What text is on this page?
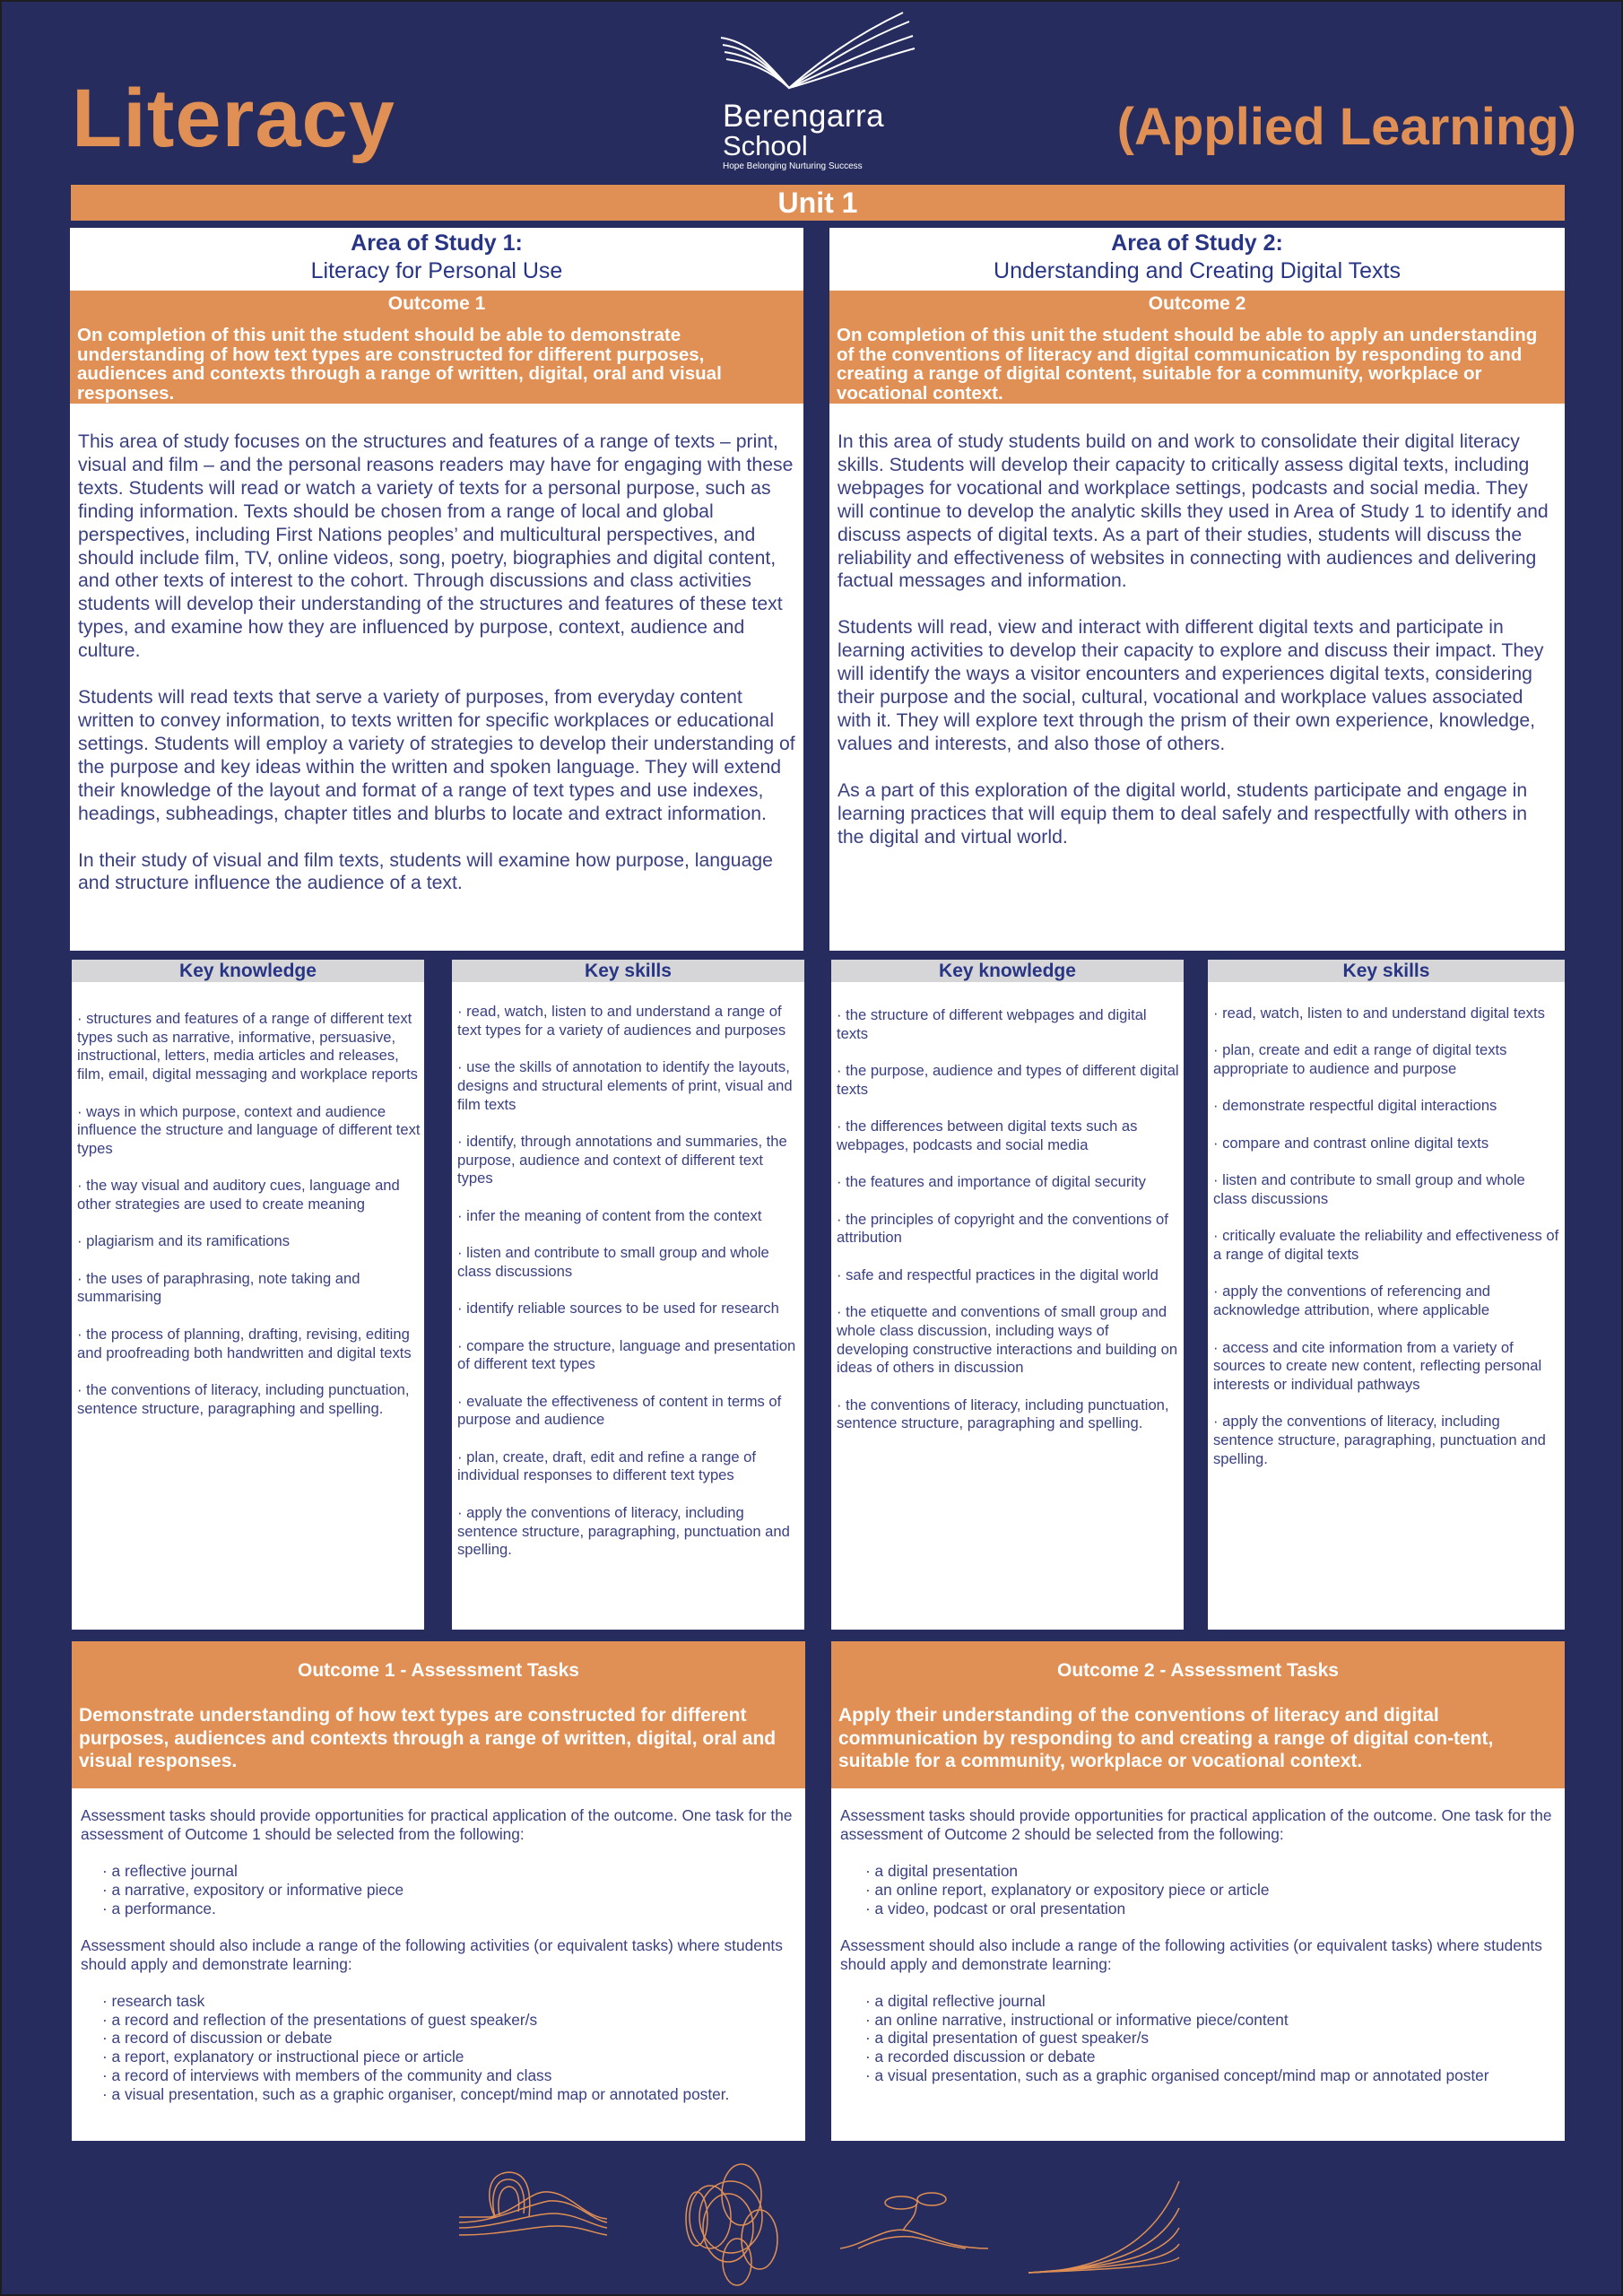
Literacy	(Applied Learning)
Berengarra
School
Hope Belonging Nurturing Success
Unit 1
Area of Study 1:
Literacy for Personal Use
Outcome 1
On completion of this unit the student should be able to demonstrate understanding of how text types are constructed for different purposes, audiences and contexts through a range of written, digital, oral and visual responses.

This area of study focuses on the structures and features of a range of texts – print, visual and film – and the personal reasons readers may have for engaging with these texts. Students will read or watch a variety of texts for a personal purpose, such as finding information. Texts should be chosen from a range of local and global perspectives, including First Nations peoples’ and multicultural perspectives, and should include film, TV, online videos, song, poetry, biographies and digital content, and other texts of interest to the cohort. Through discussions and class activities students will develop their understanding of the structures and features of these text types, and examine how they are influenced by purpose, context, audience and culture.

Students will read texts that serve a variety of purposes, from everyday content written to convey information, to texts written for specific workplaces or educational settings. Students will employ a variety of strategies to develop their understanding of the purpose and key ideas within the written and spoken language. They will extend their knowledge of the layout and format of a range of text types and use indexes, headings, subheadings, chapter titles and blurbs to locate and extract information.

In their study of visual and film texts, students will examine how purpose, language and structure influence the audience of a text.

Area of Study 2:
Understanding and Creating Digital Texts
Outcome 2
On completion of this unit the student should be able to apply an understanding of the conventions of literacy and digital communication by responding to and creating a range of digital content, suitable for a community, workplace or vocational context.

In this area of study students build on and work to consolidate their digital literacy skills. Students will develop their capacity to critically assess digital texts, including webpages for vocational and workplace settings, podcasts and social media. They will continue to develop the analytic skills they used in Area of Study 1 to identify and discuss aspects of digital texts. As a part of their studies, students will discuss the reliability and effectiveness of websites in connecting with audiences and delivering factual messages and information.

Students will read, view and interact with different digital texts and participate in learning activities to develop their capacity to explore and discuss their impact. They will identify the ways a visitor encounters and experiences digital texts, considering their purpose and the social, cultural, vocational and workplace values associated with it. They will explore text through the prism of their own experience, knowledge, values and interests, and also those of others.

As a part of this exploration of the digital world, students participate and engage in learning practices that will equip them to deal safely and respectfully with others in the digital and virtual world.

Key knowledge
· structures and features of a range of different text types such as narrative, informative, persuasive, instructional, letters, media articles and releases, film, email, digital messaging and workplace reports
· ways in which purpose, context and audience influence the structure and language of different text types
· the way visual and auditory cues, language and other strategies are used to create meaning
· plagiarism and its ramifications
· the uses of paraphrasing, note taking and summarising
· the process of planning, drafting, revising, editing and proofreading both handwritten and digital texts
· the conventions of literacy, including punctuation, sentence structure, paragraphing and spelling.
Key skills
· read, watch, listen to and understand a range of text types for a variety of audiences and purposes
· use the skills of annotation to identify the layouts, designs and structural elements of print, visual and film texts
· identify, through annotations and summaries, the purpose, audience and context of different text types
· infer the meaning of content from the context
· listen and contribute to small group and whole class discussions
· identify reliable sources to be used for research
· compare the structure, language and presentation of different text types
· evaluate the effectiveness of content in terms of purpose and audience
· plan, create, draft, edit and refine a range of individual responses to different text types
· apply the conventions of literacy, including sentence structure, paragraphing, punctuation and spelling.
Key knowledge
· the structure of different webpages and digital texts
· the purpose, audience and types of different digital texts
· the differences between digital texts such as webpages, podcasts and social media
· the features and importance of digital security
· the principles of copyright and the conventions of attribution
· safe and respectful practices in the digital world
· the etiquette and conventions of small group and whole class discussion, including ways of developing constructive interactions and building on ideas of others in discussion
· the conventions of literacy, including punctuation, sentence structure, paragraphing and spelling.
Key skills
· read, watch, listen to and understand digital texts
· plan, create and edit a range of digital texts appropriate to audience and purpose
· demonstrate respectful digital interactions
· compare and contrast online digital texts
· listen and contribute to small group and whole class discussions
· critically evaluate the reliability and effectiveness of a range of digital texts
· apply the conventions of referencing and acknowledge attribution, where applicable
· access and cite information from a variety of sources to create new content, reflecting personal interests or individual pathways
· apply the conventions of literacy, including sentence structure, paragraphing, punctuation and spelling.
Outcome 1 - Assessment Tasks
Demonstrate understanding of how text types are constructed for different purposes, audiences and contexts through a range of written, digital, oral and visual responses.
Assessment tasks should provide opportunities for practical application of the outcome. One task for the assessment of Outcome 1 should be selected from the following:
· a reflective journal
· a narrative, expository or informative piece
· a performance.
Assessment should also include a range of the following activities (or equivalent tasks) where students should apply and demonstrate learning:
· research task
· a record and reflection of the presentations of guest speaker/s
· a record of discussion or debate
· a report, explanatory or instructional piece or article
· a record of interviews with members of the community and class
· a visual presentation, such as a graphic organiser, concept/mind map or annotated poster.
Outcome 2 - Assessment Tasks
Apply their understanding of the conventions of literacy and digital communication by responding to and creating a range of digital con-tent, suitable for a community, workplace or vocational context.
Assessment tasks should provide opportunities for practical application of the outcome. One task for the assessment of Outcome 2 should be selected from the following:
· a digital presentation
· an online report, explanatory or expository piece or article
· a video, podcast or oral presentation
Assessment should also include a range of the following activities (or equivalent tasks) where students should apply and demonstrate learning:
· a digital reflective journal
· an online narrative, instructional or informative piece/content
· a digital presentation of guest speaker/s
· a recorded discussion or debate
· a visual presentation, such as a graphic organised concept/mind map or annotated poster
